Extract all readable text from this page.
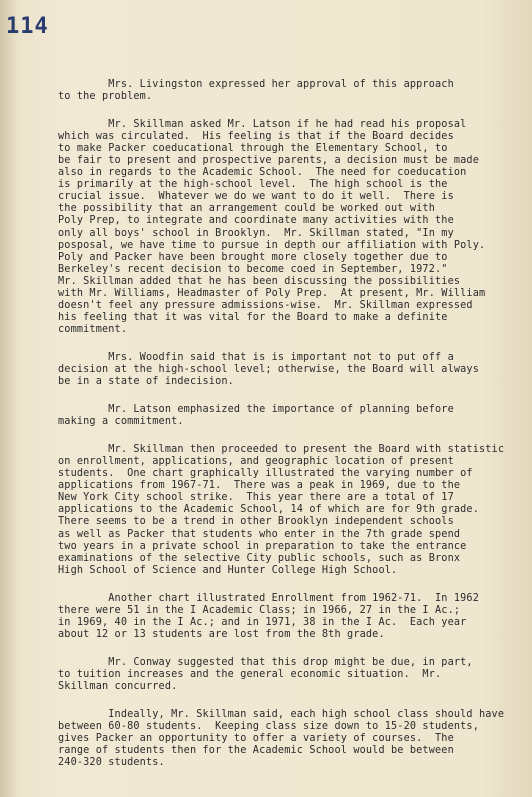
114
Mrs. Livingston expressed her approval of this approach
to the problem.
Mr. Skillman asked Mr. Latson if he had read his proposal
which was circulated.  His feeling is that if the Board decides
to make Packer coeducational through the Elementary School, to
be fair to present and prospective parents, a decision must be made
also in regards to the Academic School.  The need for coeducation
is primarily at the high-school level.  The high school is the
crucial issue.  Whatever we do we want to do it well.  There is
the possibility that an arrangement could be worked out with
Poly Prep, to integrate and coordinate many activities with the
only all boys' school in Brooklyn.  Mr. Skillman stated, "In my
posposal, we have time to pursue in depth our affiliation with Poly.
Poly and Packer have been brought more closely together due to
Berkeley's recent decision to become coed in September, 1972."
Mr. Skillman added that he has been discussing the possibilities
with Mr. Williams, Headmaster of Poly Prep.  At present, Mr. William
doesn't feel any pressure admissions-wise.  Mr. Skillman expressed
his feeling that it was vital for the Board to make a definite
commitment.
Mrs. Woodfin said that is is important not to put off a
decision at the high-school level; otherwise, the Board will always
be in a state of indecision.
Mr. Latson emphasized the importance of planning before
making a commitment.
Mr. Skillman then proceeded to present the Board with statistic
on enrollment, applications, and geographic location of present
students.  One chart graphically illustrated the varying number of
applications from 1967-71.  There was a peak in 1969, due to the
New York City school strike.  This year there are a total of 17
applications to the Academic School, 14 of which are for 9th grade.
There seems to be a trend in other Brooklyn independent schools
as well as Packer that students who enter in the 7th grade spend
two years in a private school in preparation to take the entrance
examinations of the selective City public schools, such as Bronx
High School of Science and Hunter College High School.
Another chart illustrated Enrollment from 1962-71.  In 1962
there were 51 in the I Academic Class; in 1966, 27 in the I Ac.;
in 1969, 40 in the I Ac.; and in 1971, 38 in the I Ac.  Each year
about 12 or 13 students are lost from the 8th grade.
Mr. Conway suggested that this drop might be due, in part,
to tuition increases and the general economic situation.  Mr.
Skillman concurred.
Indeally, Mr. Skillman said, each high school class should have
between 60-80 students.  Keeping class size down to 15-20 students,
gives Packer an opportunity to offer a variety of courses.  The
range of students then for the Academic School would be between
240-320 students.
